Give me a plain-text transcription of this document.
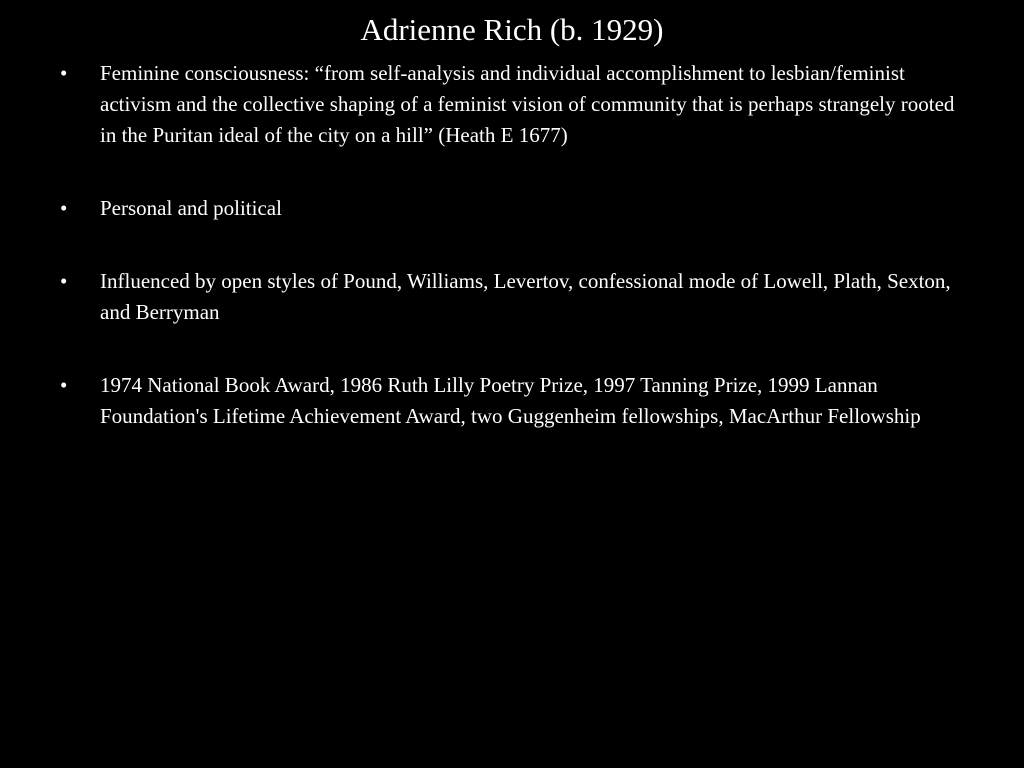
Adrienne Rich (b. 1929)
•	Feminine consciousness: “from self-analysis and individual accomplishment to lesbian/feminist activism and the collective shaping of a feminist vision of community that is perhaps strangely rooted in the Puritan ideal of the city on a hill” (Heath E 1677)
•	Personal and political
•	Influenced by open styles of Pound, Williams, Levertov, confessional mode of Lowell, Plath, Sexton, and Berryman
•	1974 National Book Award, 1986 Ruth Lilly Poetry Prize, 1997 Tanning Prize, 1999 Lannan Foundation's Lifetime Achievement Award, two Guggenheim fellowships, MacArthur Fellowship
